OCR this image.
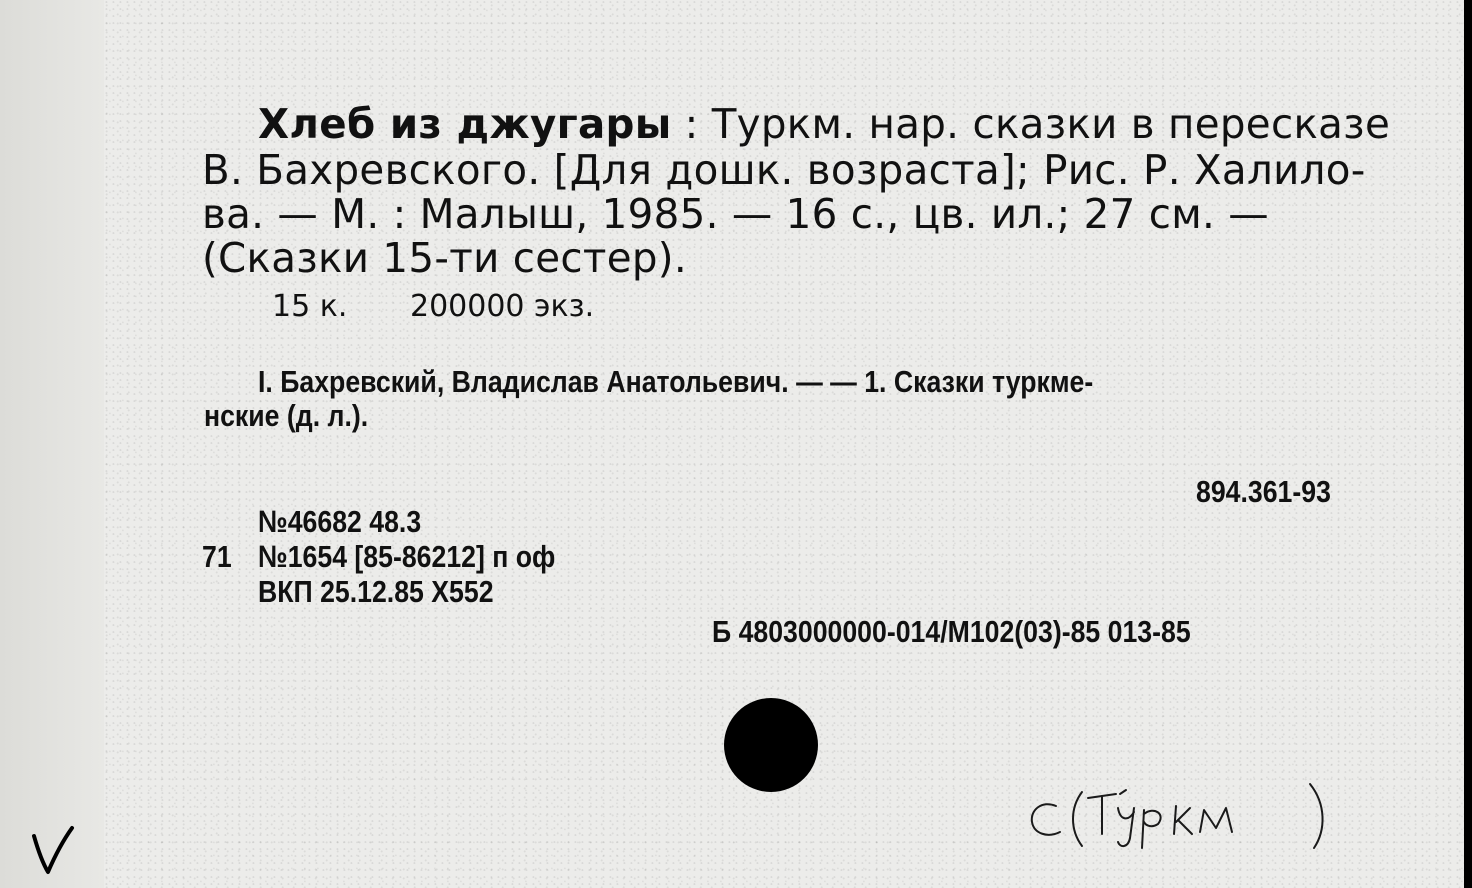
Хлеб из джугары : Туркм. нар. сказки в пересказе
В. Бахревского. [Для дошк. возраста]; Рис. Р. Халило-
ва. — М. : Малыш, 1985. — 16 с., цв. ил.; 27 см. —
(Сказки 15-ти сестер).
15 к. 200000 экз.
I. Бахревский, Владислав Анатольевич. — — 1. Сказки туркме-
нские (д. л.).
894.361-93
№46682 48.3
71 №1654 [85-86212] п оф
ВКП 25.12.85 Х552
Б 4803000000-014/М102(03)-85 013-85
